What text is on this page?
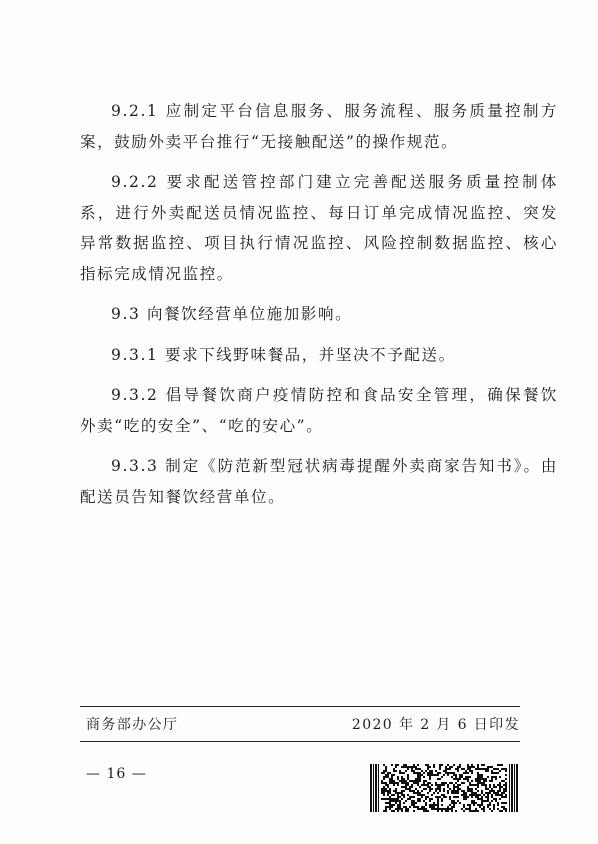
9.2.1 应制定平台信息服务、服务流程、服务质量控制方案，鼓励外卖平台推行“无接触配送”的操作规范。

9.2.2 要求配送管控部门建立完善配送服务质量控制体系，进行外卖配送员情况监控、每日订单完成情况监控、突发异常数据监控、项目执行情况监控、风险控制数据监控、核心指标完成情况监控。

9.3 向餐饮经营单位施加影响。

9.3.1 要求下线野味餐品，并坚决不予配送。

9.3.2 倡导餐饮商户疫情防控和食品安全管理，确保餐饮外卖“吃的安全”、“吃的安心”。

9.3.3 制定《防范新型冠状病毒提醒外卖商家告知书》。由配送员告知餐饮经营单位。

商务部办公厅	2020 年 2 月 6 日印发
— 16 —
